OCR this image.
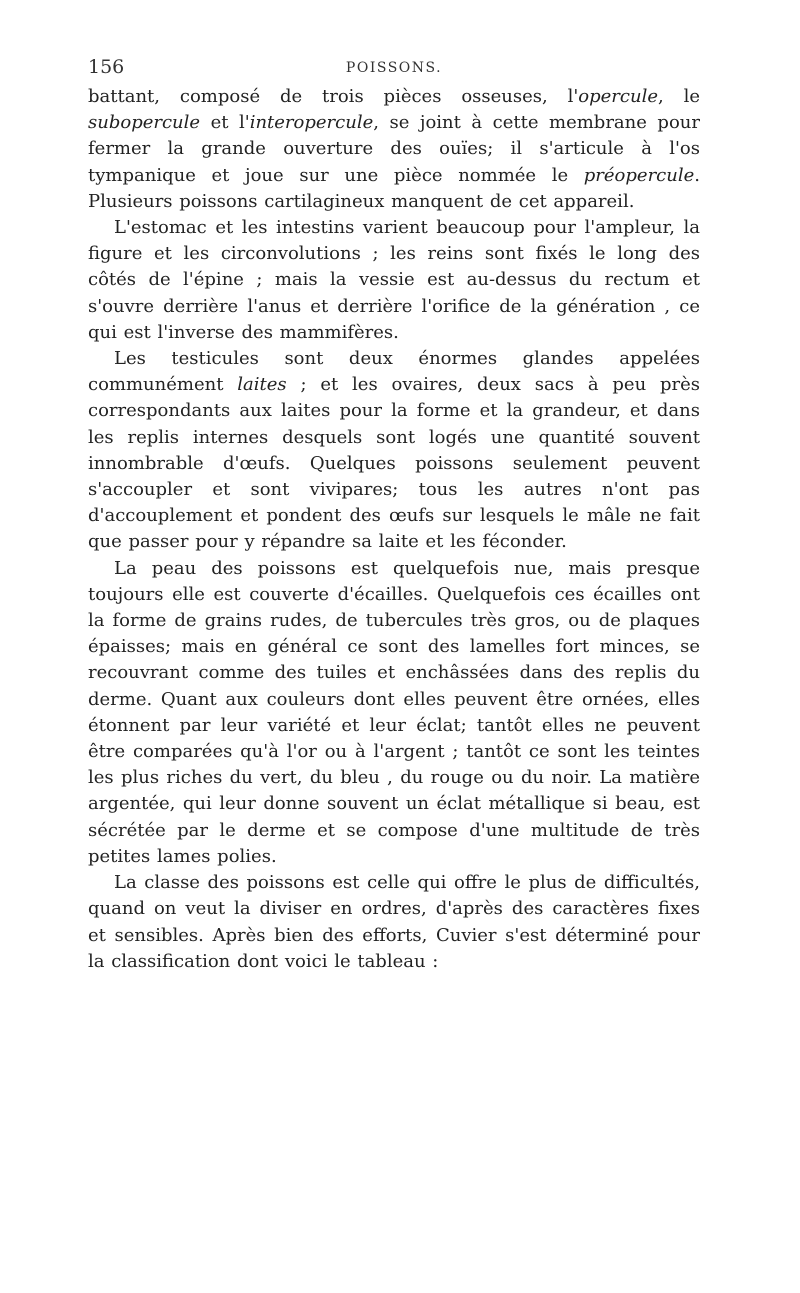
156	POISSONS.

battant, composé de trois pièces osseuses, l'opercule, le subopercule et l'interopercule, se joint à cette membrane pour fermer la grande ouverture des ouïes; il s'articule à l'os tympanique et joue sur une pièce nommée le préopercule. Plusieurs poissons cartilagineux manquent de cet appareil.

L'estomac et les intestins varient beaucoup pour l'ampleur, la figure et les circonvolutions ; les reins sont fixés le long des côtés de l'épine ; mais la vessie est au-dessus du rectum et s'ouvre derrière l'anus et derrière l'orifice de la génération , ce qui est l'inverse des mammifères.

Les testicules sont deux énormes glandes appelées communément laites ; et les ovaires, deux sacs à peu près correspondants aux laites pour la forme et la grandeur, et dans les replis internes desquels sont logés une quantité souvent innombrable d'œufs. Quelques poissons seulement peuvent s'accoupler et sont vivipares; tous les autres n'ont pas d'accouplement et pondent des œufs sur lesquels le mâle ne fait que passer pour y répandre sa laite et les féconder.

La peau des poissons est quelquefois nue, mais presque toujours elle est couverte d'écailles. Quelquefois ces écailles ont la forme de grains rudes, de tubercules très gros, ou de plaques épaisses; mais en général ce sont des lamelles fort minces, se recouvrant comme des tuiles et enchâssées dans des replis du derme. Quant aux couleurs dont elles peuvent être ornées, elles étonnent par leur variété et leur éclat; tantôt elles ne peuvent être comparées qu'à l'or ou à l'argent ; tantôt ce sont les teintes les plus riches du vert, du bleu , du rouge ou du noir. La matière argentée, qui leur donne souvent un éclat métallique si beau, est sécrétée par le derme et se compose d'une multitude de très petites lames polies.

La classe des poissons est celle qui offre le plus de difficultés, quand on veut la diviser en ordres, d'après des caractères fixes et sensibles. Après bien des efforts, Cuvier s'est déterminé pour la classification dont voici le tableau :
